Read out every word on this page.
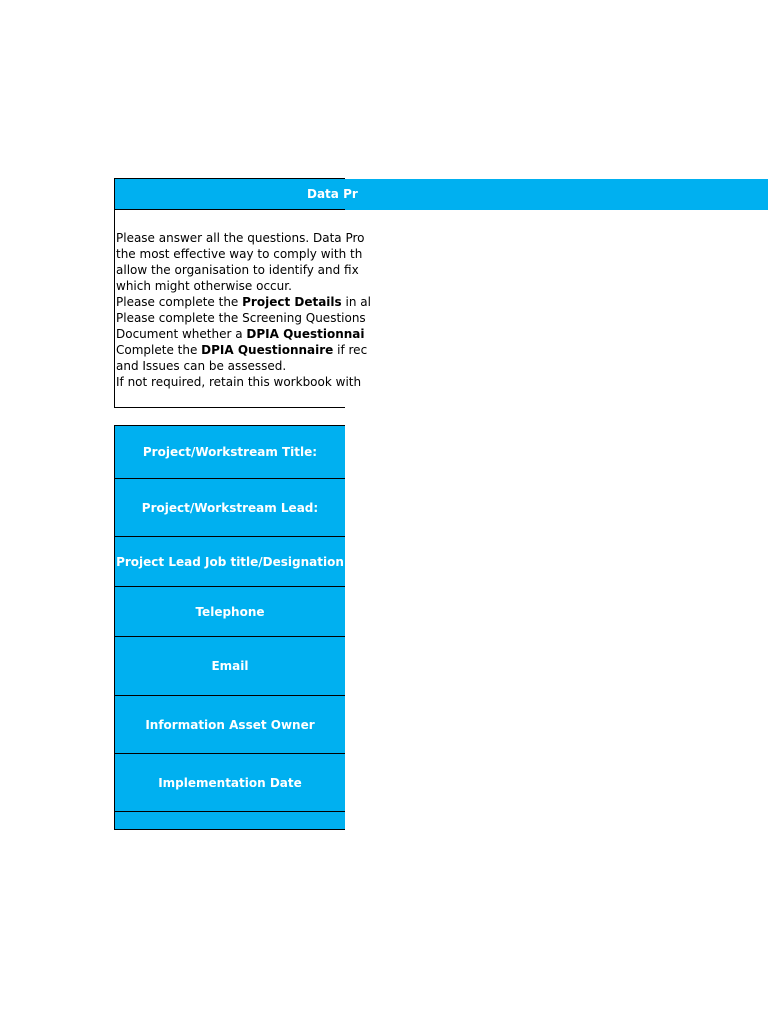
Data Pr
Please answer all the questions. Data Pro
the most effective way to comply with th
allow the organisation to identify and fix
which might otherwise occur.
Please complete the Project Details in al
Please complete the Screening Questions
Document whether a DPIA Questionnai
Complete the DPIA Questionnaire if rec
and Issues can be assessed.
If not required, retain this workbook with
Project/Workstream Title:
Project/Workstream Lead:
Project Lead Job title/Designation
Telephone
Email
Information Asset Owner
Implementation Date
